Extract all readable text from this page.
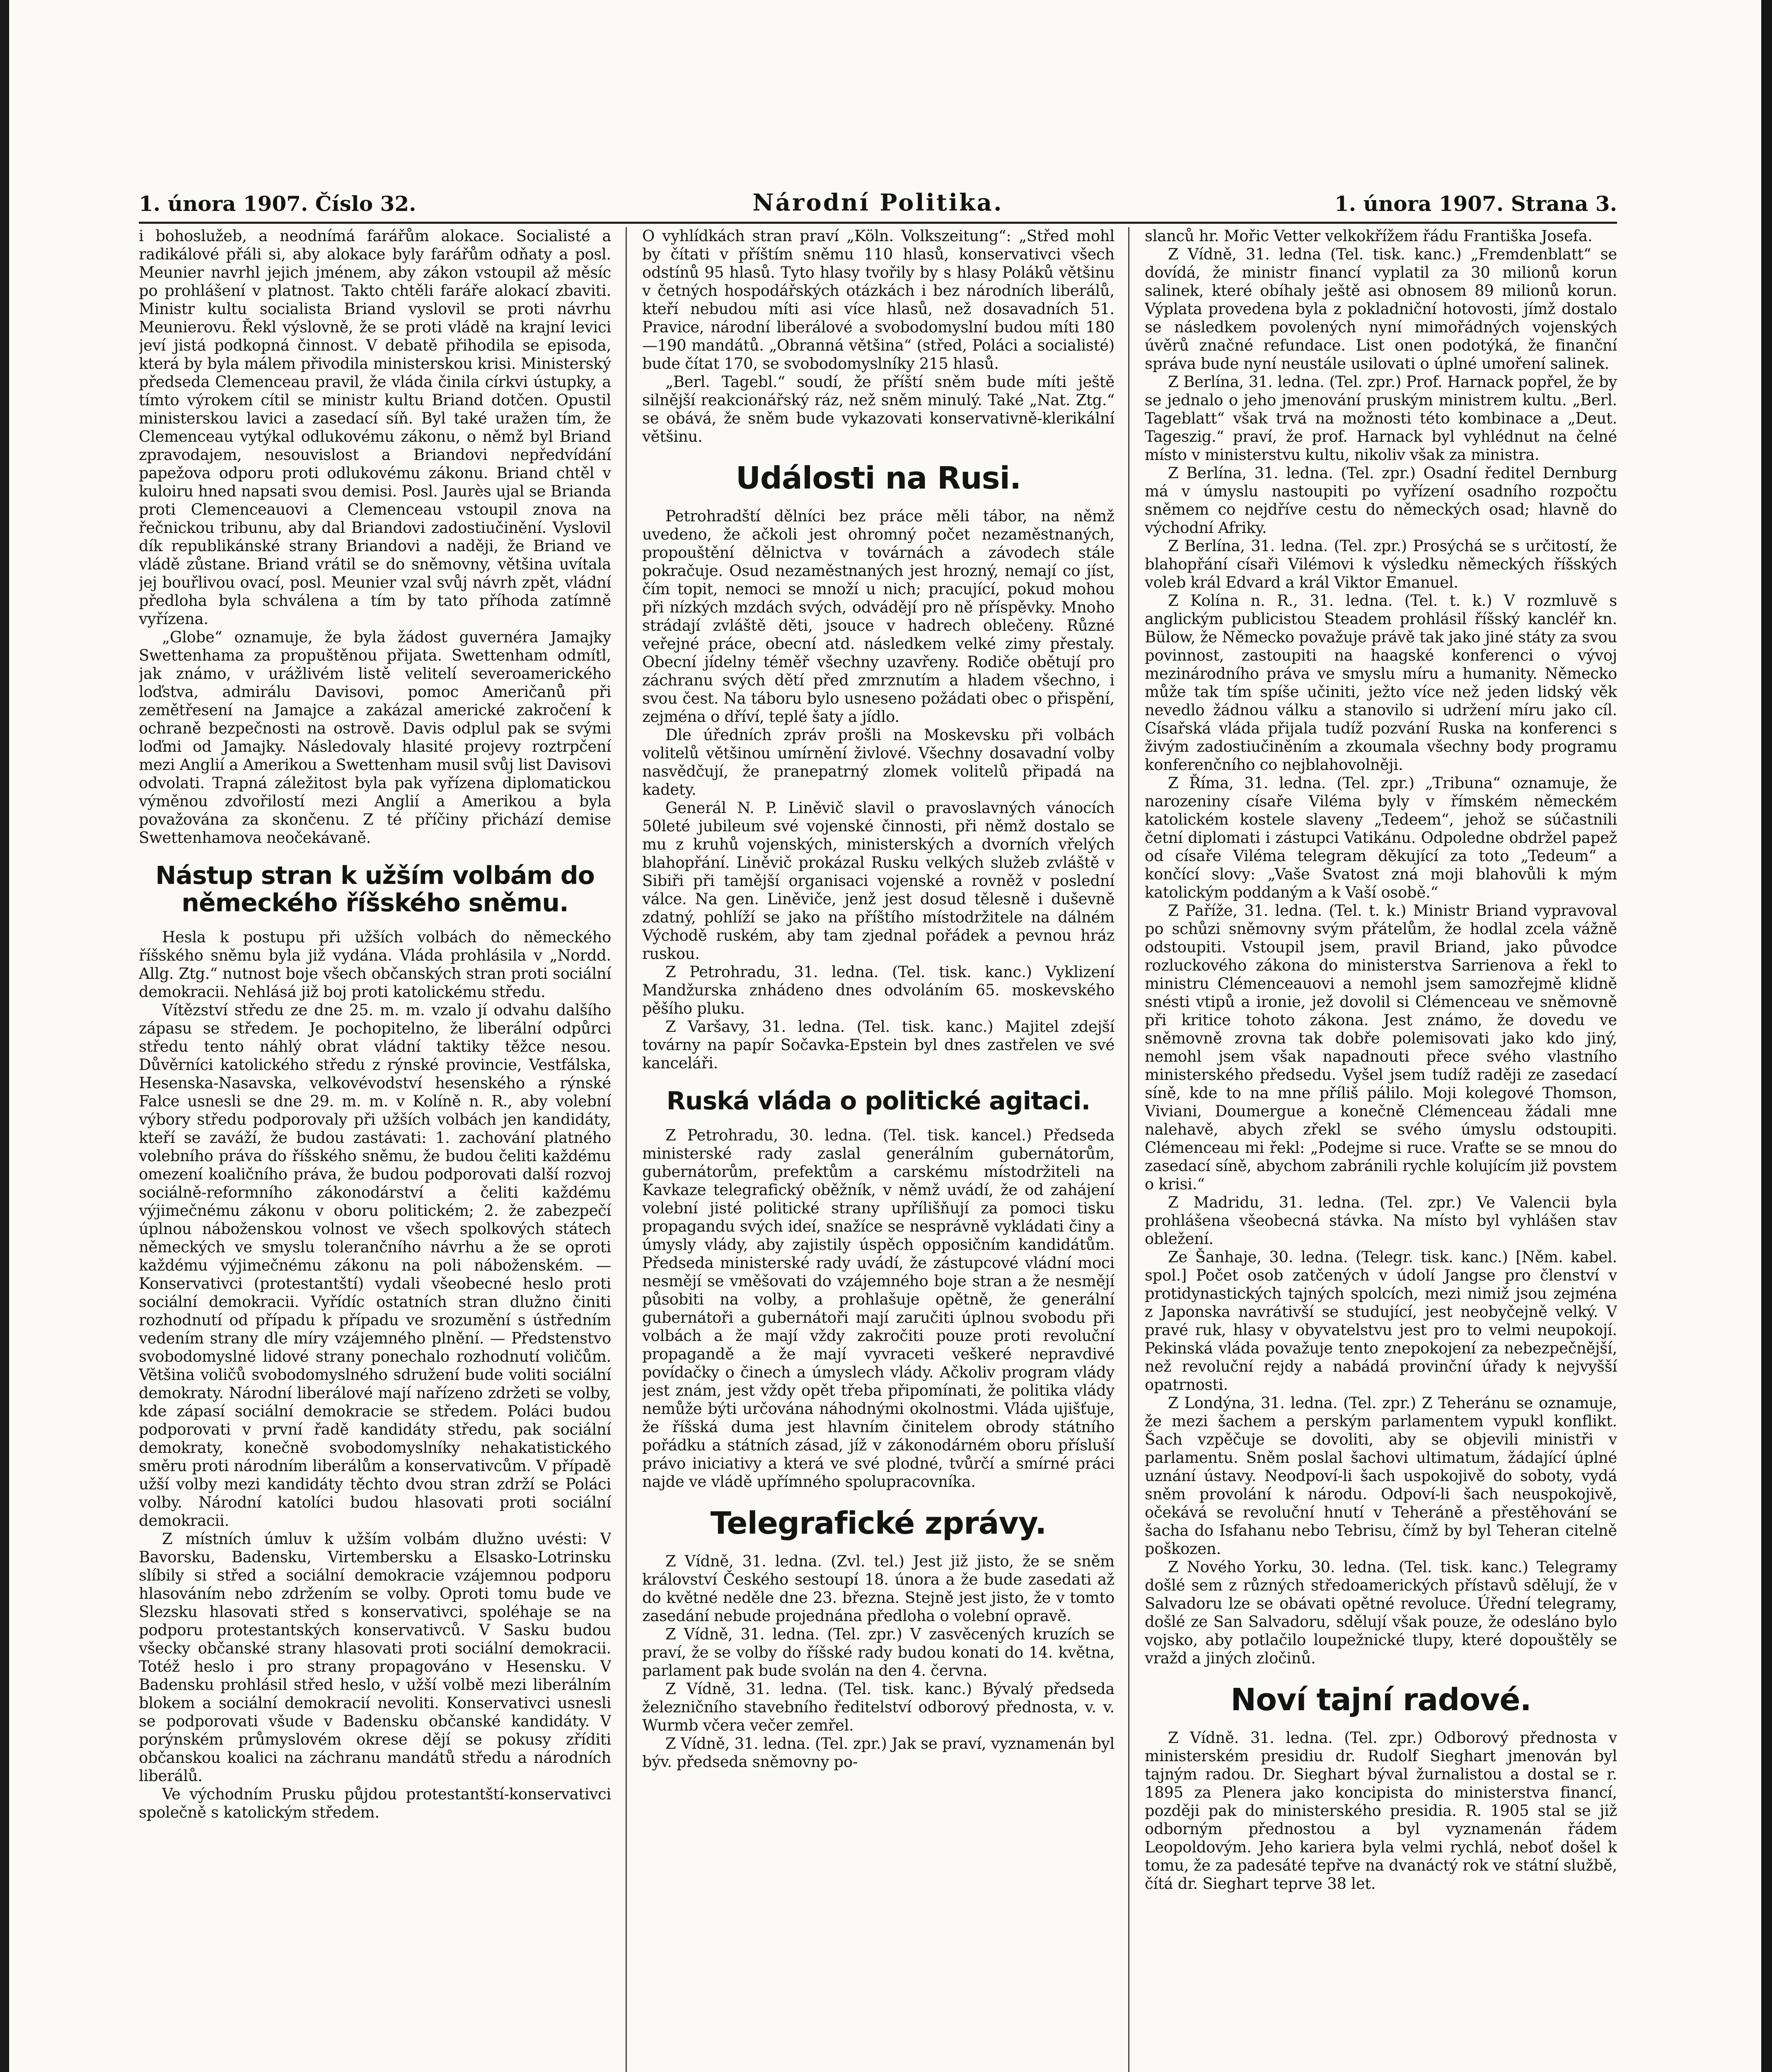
1. února 1907. Číslo 32.	Národní Politika.	1. února 1907. Strana 3.

i bohoslužeb, a neodnímá farářům alokace. Socialisté a radikálové přáli si, aby alokace byly farářům odňaty a posl. Meunier navrhl jejich jménem, aby zákon vstoupil až měsíc po prohlášení v platnost. Takto chtěli faráře alokací zbaviti. Ministr kultu socialista Briand vyslovil se proti návrhu Meunierovu. Řekl výslovně, že se proti vládě na krajní levici jeví jistá podkopná činnost. V debatě přihodila se episoda, která by byla málem přivodila ministerskou krisi. Ministerský předseda Clemenceau pravil, že vláda činila církvi ústupky, a tímto výrokem cítil se ministr kultu Briand dotčen. Opustil ministerskou lavici a zasedací síň. Byl také uražen tím, že Clemenceau vytýkal odlukovému zákonu, o němž byl Briand zpravodajem, nesouvislost a Briandovi nepředvídání papežova odporu proti odlukovému zákonu. Briand chtěl v kuloiru hned napsati svou demisi. Posl. Jaurès ujal se Brianda proti Clemenceauovi a Clemenceau vstoupil znova na řečnickou tribunu, aby dal Briandovi zadostiučinění. Vyslovil dík republikánské strany Briandovi a naději, že Briand ve vládě zůstane. Briand vrátil se do sněmovny, většina uvítala jej bouřlivou ovací, posl. Meunier vzal svůj návrh zpět, vládní předloha byla schválena a tím by tato příhoda zatímně vyřízena.

„Globe“ oznamuje, že byla žádost guvernéra Jamajky Swettenhama za propuštěnou přijata. Swettenham odmítl, jak známo, v urážlivém listě velitelí severoamerického loďstva, admirálu Davisovi, pomoc Američanů při zemětřesení na Jamajce a zakázal americké zakročení k ochraně bezpečnosti na ostrově. Davis odplul pak se svými loďmi od Jamajky. Následovaly hlasité projevy roztrpčení mezi Anglií a Amerikou a Swettenham musil svůj list Davisovi odvolati. Trapná záležitost byla pak vyřízena diplomatickou výměnou zdvořilostí mezi Anglií a Amerikou a byla považována za skončenu. Z té příčiny přichází demise Swettenhamova neočekávaně.

Nástup stran k užším volbám do německého říšského sněmu.

Hesla k postupu při užších volbách do německého říšského sněmu byla již vydána. Vláda prohlásila v „Nordd. Allg. Ztg.“ nutnost boje všech občanských stran proti sociální demokracii. Nehlásá již boj proti katolickému středu.

Vítězství středu ze dne 25. m. m. vzalo jí odvahu dalšího zápasu se středem. Je pochopitelno, že liberální odpůrci středu tento náhlý obrat vládní taktiky těžce nesou. Důvěrníci katolického středu z rýnské provincie, Vestfálska, Hesenska-Nasavska, velkovévodství hesenského a rýnské Falce usnesli se dne 29. m. m. v Kolíně n. R., aby volební výbory středu podporovaly při užších volbách jen kandidáty, kteří se zaváží, že budou zastávati: 1. zachování platného volebního práva do říšského sněmu, že budou čeliti každému omezení koaličního práva, že budou podporovati další rozvoj sociálně-reformního zákonodárství a čeliti každému výjimečnému zákonu v oboru politickém; 2. že zabezpečí úplnou náboženskou volnost ve všech spolkových státech německých ve smyslu tolerančního návrhu a že se oproti každému výjimečnému zákonu na poli náboženském. — Konservativci (protestantští) vydali všeobecné heslo proti sociální demokracii. Vyřídíc ostatních stran dlužno činiti rozhodnutí od případu k případu ve srozumění s ústředním vedením strany dle míry vzájemného plnění. — Předstenstvo svobodomyslné lidové strany ponechalo rozhodnutí voličům. Většina voličů svobodomyslného sdružení bude voliti sociální demokraty. Národní liberálové mají nařízeno zdržeti se volby, kde zápasí sociální demokracie se středem. Poláci budou podporovati v první řadě kandidáty středu, pak sociální demokraty, konečně svobodomyslníky nehakatistického směru proti národním liberálům a konservativcům. V případě užší volby mezi kandidáty těchto dvou stran zdrží se Poláci volby. Národní katolíci budou hlasovati proti sociální demokracii.

Z místních úmluv k užším volbám dlužno uvésti: V Bavorsku, Badensku, Virtembersku a Elsasko-Lotrinsku slíbily si střed a sociální demokracie vzájemnou podporu hlasováním nebo zdržením se volby. Oproti tomu bude ve Slezsku hlasovati střed s konservativci, spoléhaje se na podporu protestantských konservativců. V Sasku budou všecky občanské strany hlasovati proti sociální demokracii. Totéž heslo i pro strany propagováno v Hesensku. V Badensku prohlásil střed heslo, v užší volbě mezi liberálním blokem a sociální demokracií nevoliti. Konservativci usnesli se podporovati všude v Badensku občanské kandidáty. V porýnském průmyslovém okrese dějí se pokusy zříditi občanskou koalici na záchranu mandátů středu a národních liberálů.

Ve východním Prusku půjdou protestantští-konservativci společně s katolickým středem.

O vyhlídkách stran praví „Köln. Volkszeitung“: „Střed mohl by čítati v příštím sněmu 110 hlasů, konservativci všech odstínů 95 hlasů. Tyto hlasy tvořily by s hlasy Poláků většinu v četných hospodářských otázkách i bez národních liberálů, kteří nebudou míti asi více hlasů, než dosavadních 51. Pravice, národní liberálové a svobodomyslní budou míti 180—190 mandátů. „Obranná většina“ (střed, Poláci a socialisté) bude čítat 170, se svobodomyslníky 215 hlasů.

„Berl. Tagebl.“ soudí, že příští sněm bude míti ještě silnější reakcionářský ráz, než sněm minulý. Také „Nat. Ztg.“ se obává, že sněm bude vykazovati konservativně-klerikální většinu.

Události na Rusi.

Petrohradští dělníci bez práce měli tábor, na němž uvedeno, že ačkoli jest ohromný počet nezaměstnaných, propouštění dělnictva v továrnách a závodech stále pokračuje. Osud nezaměstnaných jest hrozný, nemají co jíst, čím topit, nemoci se množí u nich; pracující, pokud mohou při nízkých mzdách svých, odvádějí pro ně příspěvky. Mnoho strádají zvláště děti, jsouce v hadrech oblečeny. Různé veřejné práce, obecní atd. následkem velké zimy přestaly. Obecní jídelny téměř všechny uzavřeny. Rodiče obětují pro záchranu svých dětí před zmrznutím a hladem všechno, i svou čest. Na táboru bylo usneseno požádati obec o přispění, zejména o dříví, teplé šaty a jídlo.

Dle úředních zpráv prošli na Moskevsku při volbách volitelů většinou umírnění živlové. Všechny dosavadní volby nasvědčují, že pranepatrný zlomek volitelů připadá na kadety.

Generál N. P. Liněvič slavil o pravoslavných vánocích 50leté jubileum své vojenské činnosti, při němž dostalo se mu z kruhů vojenských, ministerských a dvorních vřelých blahopřání. Liněvič prokázal Rusku velkých služeb zvláště v Sibiři při tamější organisaci vojenské a rovněž v poslední válce. Na gen. Liněviče, jenž jest dosud tělesně i duševně zdatný, pohlíží se jako na příštího místodržitele na dálném Východě ruském, aby tam zjednal pořádek a pevnou hráz ruskou.

Z Petrohradu, 31. ledna. (Tel. tisk. kanc.) Vyklizení Mandžurska znhádeno dnes odvoláním 65. moskevského pěšího pluku.

Z Varšavy, 31. ledna. (Tel. tisk. kanc.) Majitel zdejší továrny na papír Sočavka-Epstein byl dnes zastřelen ve své kanceláři.

Ruská vláda o politické agitaci.

Z Petrohradu, 30. ledna. (Tel. tisk. kancel.) Předseda ministerské rady zaslal generálním gubernátorům, gubernátorům, prefektům a carskému místodržiteli na Kavkaze telegrafický oběžník, v němž uvádí, že od zahájení volební jisté politické strany upřílišňují za pomoci tisku propagandu svých ideí, snažíce se nesprávně vykládati činy a úmysly vlády, aby zajistily úspěch opposičním kandidátům. Předseda ministerské rady uvádí, že zástupcové vládní moci nesmějí se vměšovati do vzájemného boje stran a že nesmějí působiti na volby, a prohlašuje opětně, že generální gubernátoři a gubernátoři mají zaručiti úplnou svobodu při volbách a že mají vždy zakročiti pouze proti revoluční propagandě a že mají vyvraceti veškeré nepravdivé povídačky o činech a úmyslech vlády. Ačkoliv program vlády jest znám, jest vždy opět třeba připomínati, že politika vlády nemůže býti určována náhodnými okolnostmi. Vláda ujišťuje, že říšská duma jest hlavním činitelem obrody státního pořádku a státních zásad, jíž v zákonodárném oboru přísluší právo iniciativy a která ve své plodné, tvůrčí a smírné práci najde ve vládě upřímného spolupracovníka.

Telegrafické zprávy.

Z Vídně, 31. ledna. (Zvl. tel.) Jest již jisto, že se sněm království Českého sestoupí 18. února a že bude zasedati až do květné neděle dne 23. března. Stejně jest jisto, že v tomto zasedání nebude projednána předloha o volební opravě.

Z Vídně, 31. ledna. (Tel. zpr.) V zasvěcených kruzích se praví, že se volby do říšské rady budou konati do 14. května, parlament pak bude svolán na den 4. června.

Z Vídně, 31. ledna. (Tel. tisk. kanc.) Bývalý předseda železničního stavebního ředitelství odborový přednosta, v. v. Wurmb včera večer zemřel.

Z Vídně, 31. ledna. (Tel. zpr.) Jak se praví, vyznamenán byl býv. předseda sněmovny po-

slanců hr. Mořic Vetter velkokřížem řádu Františka Josefa.

Z Vídně, 31. ledna (Tel. tisk. kanc.) „Fremdenblatt“ se dovídá, že ministr financí vyplatil za 30 milionů korun salinek, které obíhaly ještě asi obnosem 89 milionů korun. Výplata provedena byla z pokladniční hotovosti, jímž dostalo se následkem povolených nyní mimořádných vojenských úvěrů značné refundace. List onen podotýká, že finanční správa bude nyní neustále usilovati o úplné umoření salinek.

Z Berlína, 31. ledna. (Tel. zpr.) Prof. Harnack popřel, že by se jednalo o jeho jmenování pruským ministrem kultu. „Berl. Tageblatt“ však trvá na možnosti této kombinace a „Deut. Tageszig.“ praví, že prof. Harnack byl vyhlédnut na čelné místo v ministerstvu kultu, nikoliv však za ministra.

Z Berlína, 31. ledna. (Tel. zpr.) Osadní ředitel Dernburg má v úmyslu nastoupiti po vyřízení osadního rozpočtu sněmem co nejdříve cestu do německých osad; hlavně do východní Afriky.

Z Berlína, 31. ledna. (Tel. zpr.) Prosýchá se s určitostí, že blahopřání císaři Vilémovi k výsledku německých říšských voleb král Edvard a král Viktor Emanuel.

Z Kolína n. R., 31. ledna. (Tel. t. k.) V rozmluvě s anglickým publicistou Steadem prohlásil říšský kancléř kn. Bülow, že Německo považuje právě tak jako jiné státy za svou povinnost, zastoupiti na haagské konferenci o vývoj mezinárodního práva ve smyslu míru a humanity. Německo může tak tím spíše učiniti, ježto více než jeden lidský věk nevedlo žádnou válku a stanovilo si udržení míru jako cíl. Císařská vláda přijala tudíž pozvání Ruska na konferenci s živým zadostiučiněním a zkoumala všechny body programu konferenčního co nejblahovolněji.

Z Říma, 31. ledna. (Tel. zpr.) „Tribuna“ oznamuje, že narozeniny císaře Viléma byly v římském německém katolickém kostele slaveny „Tedeem“, jehož se súčastnili četní diplomati i zástupci Vatikánu. Odpoledne obdržel papež od císaře Viléma telegram děkující za toto „Tedeum“ a končící slovy: „Vaše Svatost zná moji blahovůli k mým katolickým poddaným a k Vaší osobě.“

Z Paříže, 31. ledna. (Tel. t. k.) Ministr Briand vypravoval po schůzi sněmovny svým přátelům, že hodlal zcela vážně odstoupiti. Vstoupil jsem, pravil Briand, jako původce rozluckového zákona do ministerstva Sarrienova a řekl to ministru Clémenceauovi a nemohl jsem samozřejmě klidně snésti vtipů a ironie, jež dovolil si Clémenceau ve sněmovně při kritice tohoto zákona. Jest známo, že dovedu ve sněmovně zrovna tak dobře polemisovati jako kdo jiný, nemohl jsem však napadnouti přece svého vlastního ministerského předsedu. Vyšel jsem tudíž raději ze zasedací síně, kde to na mne příliš pálilo. Moji kolegové Thomson, Viviani, Doumergue a konečně Clémenceau žádali mne nalehavě, abych zřekl se svého úmyslu odstoupiti. Clémenceau mi řekl: „Podejme si ruce. Vraťte se se mnou do zasedací síně, abychom zabránili rychle kolujícím již povstem o krisi.“

Z Madridu, 31. ledna. (Tel. zpr.) Ve Valencii byla prohlášena všeobecná stávka. Na místo byl vyhlášen stav obležení.

Ze Šanhaje, 30. ledna. (Telegr. tisk. kanc.) [Něm. kabel. spol.] Počet osob zatčených v údolí Jangse pro členství v protidynastických tajných spolcích, mezi nimiž jsou zejména z Japonska navrátivší se studující, jest neobyčejně velký. V pravé ruk, hlasy v obyvatelstvu jest pro to velmi neupokojí. Pekinská vláda považuje tento znepokojení za nebezpečnější, než revoluční rejdy a nabádá provinční úřady k nejvyšší opatrnosti.

Z Londýna, 31. ledna. (Tel. zpr.) Z Teheránu se oznamuje, že mezi šachem a perským parlamentem vypukl konflikt. Šach vzpěčuje se dovoliti, aby se objevili ministři v parlamentu. Sněm poslal šachovi ultimatum, žádající úplné uznání ústavy. Neodpoví-li šach uspokojivě do soboty, vydá sněm provolání k národu. Odpoví-li šach neuspokojivě, očekává se revoluční hnutí v Teheráně a přestěhování se šacha do Isfahanu nebo Tebrisu, čímž by byl Teheran citelně poškozen.

Z Nového Yorku, 30. ledna. (Tel. tisk. kanc.) Telegramy došlé sem z různých středoamerických přístavů sdělují, že v Salvadoru lze se obávati opětné revoluce. Úřední telegramy, došlé ze San Salvadoru, sdělují však pouze, že odesláno bylo vojsko, aby potlačilo loupežnické tlupy, které dopouštěly se vražd a jiných zločinů.

Noví tajní radové.

Z Vídně. 31. ledna. (Tel. zpr.) Odborový přednosta v ministerském presidiu dr. Rudolf Sieghart jmenován byl tajným radou. Dr. Sieghart býval žurnalistou a dostal se r. 1895 za Plenera jako koncipista do ministerstva financí, později pak do ministerského presidia. R. 1905 stal se již odborným přednostou a byl vyznamenán řádem Leopoldovým. Jeho kariera byla velmi rychlá, neboť došel k tomu, že za padesáté tepřve na dvanáctý rok ve státní službě, čítá dr. Sieghart teprve 38 let.
